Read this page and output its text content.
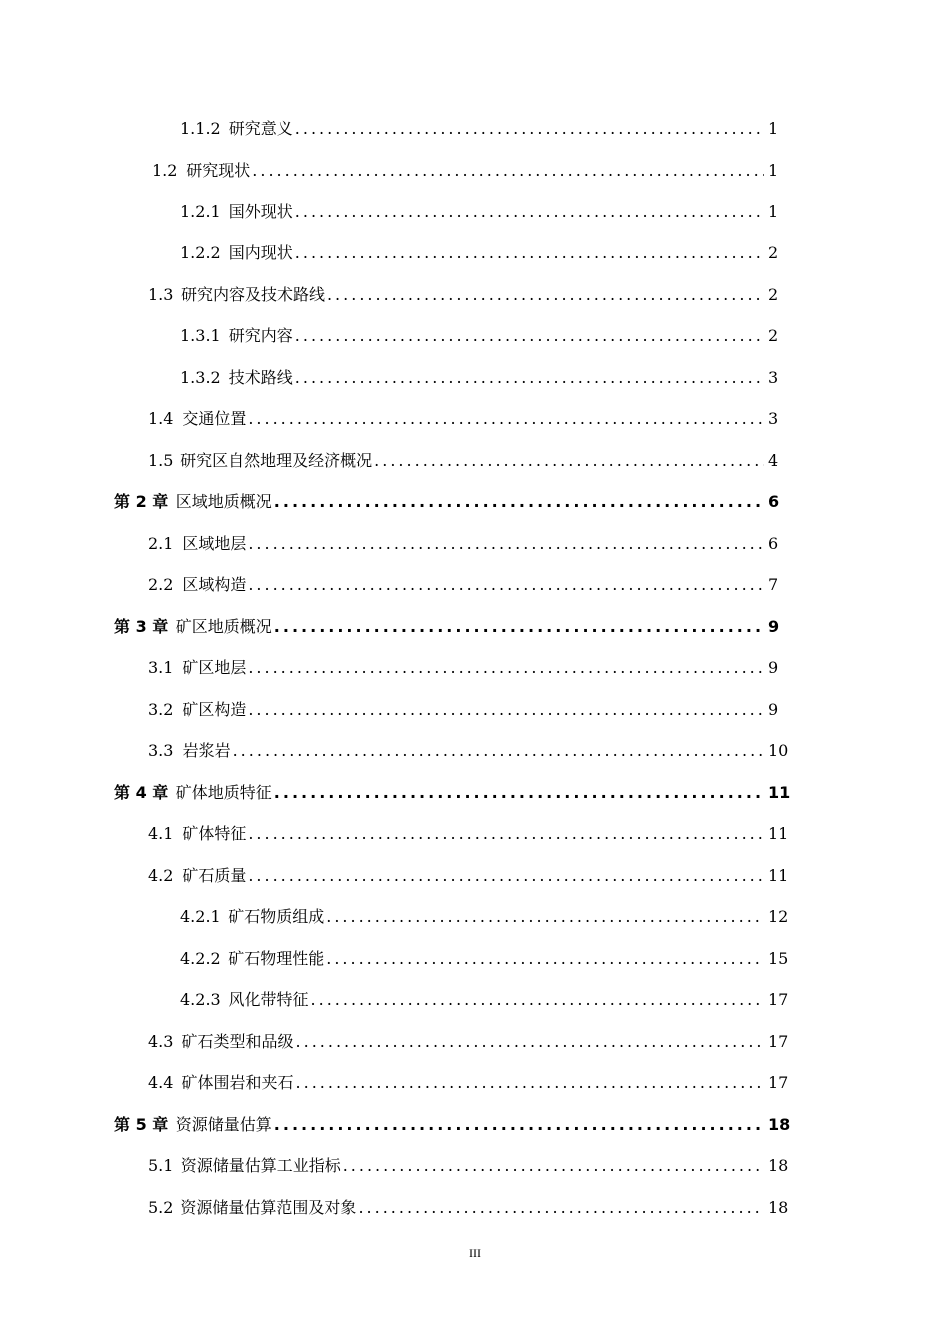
1.1.2 研究意义 .....	1
1.2 研究现状 .....	1
1.2.1 国外现状 .....	1
1.2.2 国内现状 .....	2
1.3 研究内容及技术路线 .....	2
1.3.1 研究内容 .....	2
1.3.2 技术路线 .....	3
1.4 交通位置 .....	3
1.5 研究区自然地理及经济概况 .....	4
第 2 章 区域地质概况 .....	6
2.1 区域地层 .....	6
2.2 区域构造 .....	7
第 3 章 矿区地质概况 .....	9
3.1 矿区地层 .....	9
3.2 矿区构造 .....	9
3.3 岩浆岩 .....	10
第 4 章 矿体地质特征 .....	11
4.1 矿体特征 .....	11
4.2 矿石质量 .....	11
4.2.1 矿石物质组成 .....	12
4.2.2 矿石物理性能 .....	15
4.2.3 风化带特征 .....	17
4.3 矿石类型和品级 .....	17
4.4 矿体围岩和夹石 .....	17
第 5 章 资源储量估算 .....	18
5.1 资源储量估算工业指标 .....	18
5.2 资源储量估算范围及对象 .....	18
III
